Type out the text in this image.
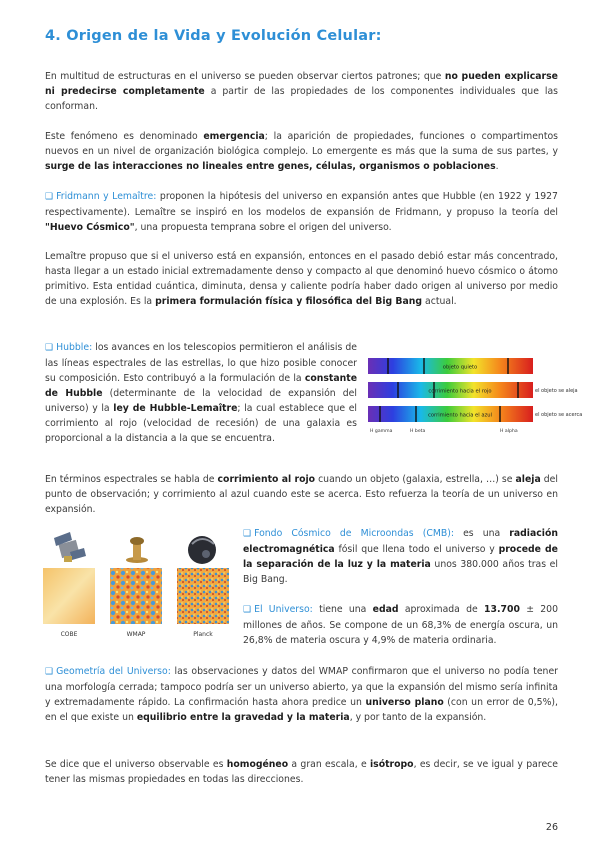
4. Origen de la Vida y Evolución Celular:

En multitud de estructuras en el universo se pueden observar ciertos patrones; que no pueden explicarse ni predecirse completamente a partir de las propiedades de los componentes individuales que las conforman.

Este fenómeno es denominado emergencia; la aparición de propiedades, funciones o compartimentos nuevos en un nivel de organización biológica complejo. Lo emergente es más que la suma de sus partes, y surge de las interacciones no lineales entre genes, células, organismos o poblaciones.

❑ Fridmann y Lemaître: proponen la hipótesis del universo en expansión antes que Hubble (en 1922 y 1927 respectivamente). Lemaître se inspiró en los modelos de expansión de Fridmann, y propuso la teoría del "Huevo Cósmico", una propuesta temprana sobre el origen del universo.

Lemaître propuso que si el universo está en expansión, entonces en el pasado debió estar más concentrado, hasta llegar a un estado inicial extremadamente denso y compacto al que denominó huevo cósmico o átomo primitivo. Esta entidad cuántica, diminuta, densa y caliente podría haber dado origen al universo por medio de una explosión. Es la primera formulación física y filosófica del Big Bang actual.

❑ Hubble: los avances en los telescopios permitieron el análisis de las líneas espectrales de las estrellas, lo que hizo posible conocer su composición. Esto contribuyó a la formulación de la constante de Hubble (determinante de la velocidad de expansión del universo) y la ley de Hubble-Lemaître; la cual establece que el corrimiento al rojo (velocidad de recesión) de una galaxia es proporcional a la distancia a la que se encuentra.

objeto quieto
corrimiento hacia el rojo
corrimiento hacia el azul
el objeto se aleja
el objeto se acerca
H gamma	H beta	H alpha

En términos espectrales se habla de corrimiento al rojo cuando un objeto (galaxia, estrella, …) se aleja del punto de observación; y corrimiento al azul cuando este se acerca. Esto refuerza la teoría de un universo en expansión.

COBE	WMAP	Planck

❑ Fondo Cósmico de Microondas (CMB): es una radiación electromagnética fósil que llena todo el universo y procede de la separación de la luz y la materia unos 380.000 años tras el Big Bang.

❑ El Universo: tiene una edad aproximada de 13.700 ± 200 millones de años. Se compone de un 68,3% de energía oscura, un 26,8% de materia oscura y 4,9% de materia ordinaria.

❑ Geometría del Universo: las observaciones y datos del WMAP confirmaron que el universo no podía tener una morfología cerrada; tampoco podría ser un universo abierto, ya que la expansión del mismo sería infinita y extremadamente rápido. La confirmación hasta ahora predice un universo plano (con un error de 0,5%), en el que existe un equilibrio entre la gravedad y la materia, y por tanto de la expansión.

Se dice que el universo observable es homogéneo a gran escala, e isótropo, es decir, se ve igual y parece tener las mismas propiedades en todas las direcciones.

26
